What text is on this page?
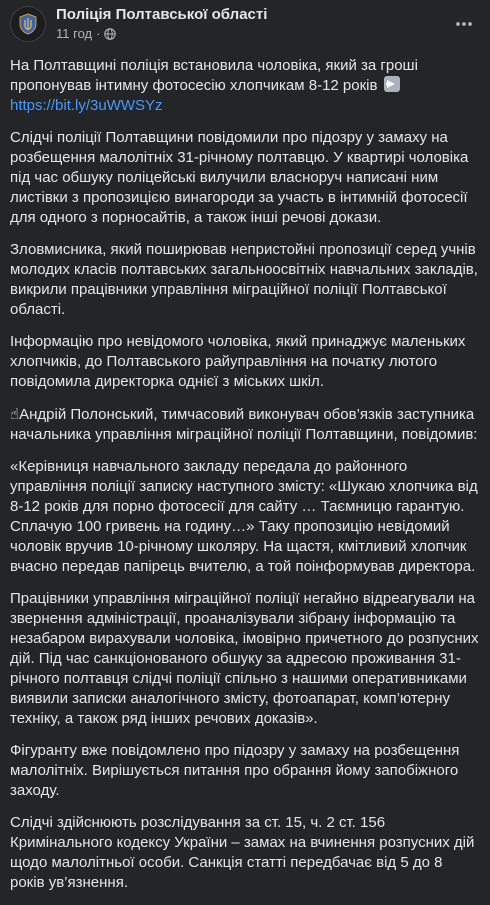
Поліція Полтавської області
11 год ·

На Полтавщині поліція встановила чоловіка, який за гроші пропонував інтимну фотосесію хлопчикам 8-12 років
https://bit.ly/3uWWSYz

Слідчі поліції Полтавщини повідомили про підозру у замаху на розбещення малолітніх 31-річному полтавцю. У квартирі чоловіка під час обшуку поліцейські вилучили власноруч написані ним листівки з пропозицією винагороди за участь в інтимній фотосесії для одного з порносайтів, а також інші речові докази.

Зловмисника, який поширював непристойні пропозиції серед учнів молодих класів полтавських загальноосвітніх навчальних закладів, викрили працівники управління міграційної поліції Полтавської області.

Інформацію про невідомого чоловіка, який принаджує маленьких хлопчиків, до Полтавського райуправління на початку лютого повідомила директорка однієї з міських шкіл.

☝Андрій Полонський, тимчасовий виконувач обов’язків заступника начальника управління міграційної поліції Полтавщини, повідомив:

«Керівниця навчального закладу передала до районного управління поліції записку наступного змісту: «Шукаю хлопчика від 8-12 років для порно фотосесії для сайту … Таємницю гарантую. Сплачую 100 гривень на годину…» Таку пропозицію невідомий чоловік вручив 10-річному школяру. На щастя, кмітливий хлопчик вчасно передав папірець вчителю, а той поінформував директора.

Працівники управління міграційної поліції негайно відреагували на звернення адміністрації, проаналізували зібрану інформацію та незабаром вирахували чоловіка, імовірно причетного до розпусних дій. Під час санкціонованого обшуку за адресою проживання 31-річного полтавця слідчі поліції спільно з нашими оперативниками виявили записки аналогічного змісту, фотоапарат, комп’ютерну техніку, а також ряд інших речових доказів».

Фігуранту вже повідомлено про підозру у замаху на розбещення малолітніх. Вирішується питання про обрання йому запобіжного заходу.

Слідчі здійснюють розслідування за ст. 15, ч. 2 ст. 156 Кримінального кодексу України – замах на вчинення розпусних дій щодо малолітньої особи. Санкція статті передбачає від 5 до 8 років ув’язнення.
